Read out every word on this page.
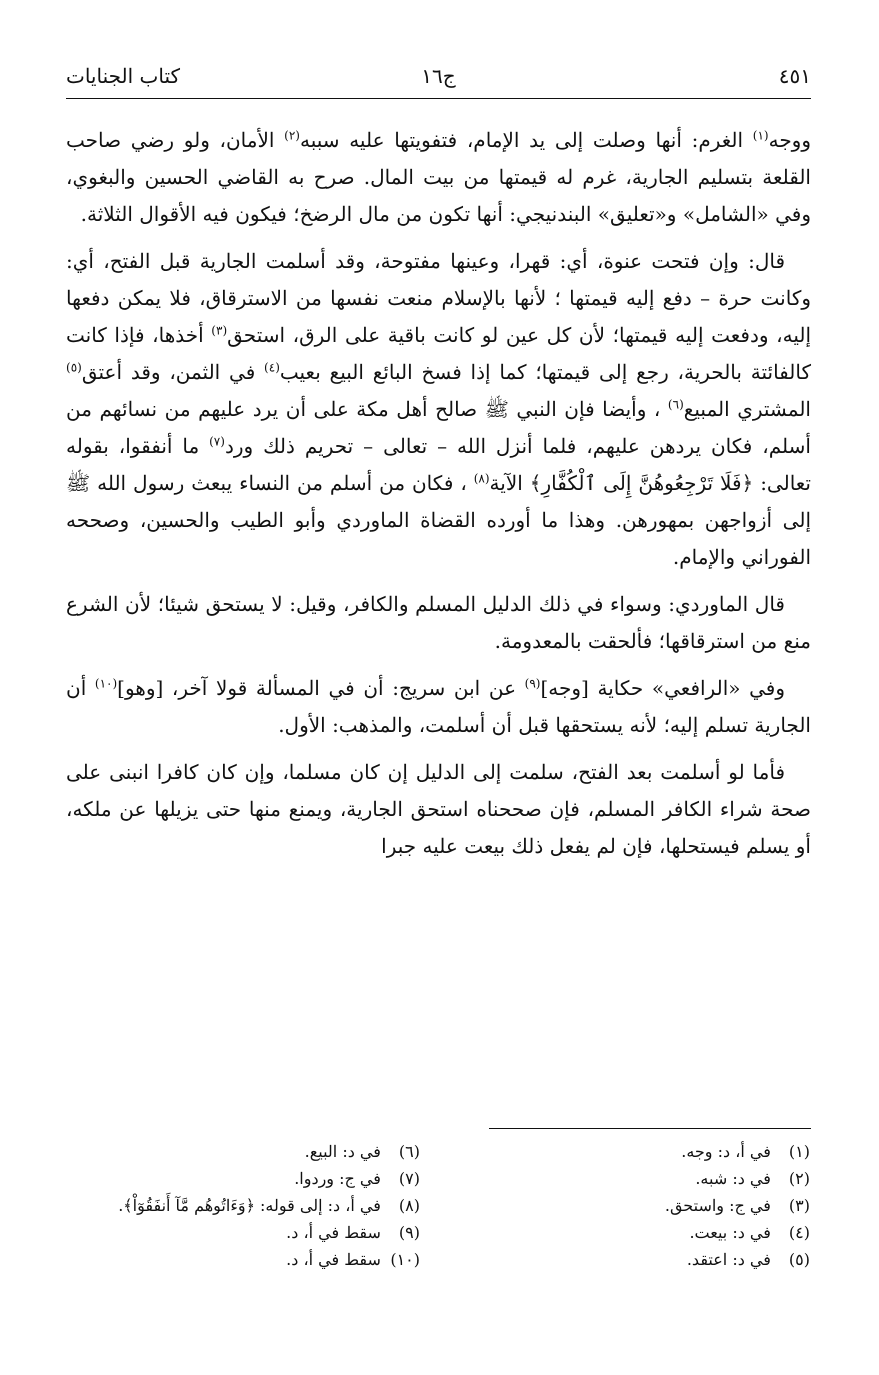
٤٥١
ج١٦
كتاب الجنايات

ووجه$^{(١)}$ الغرم: أنها وصلت إلى يد الإمام، فتفويتها عليه سببه$^{(٢)}$ الأمان، ولو رضي صاحب القلعة بتسليم الجارية، غرم له قيمتها من بيت المال. صرح به القاضي الحسين والبغوي، وفي «الشامل» و«تعليق» البندنيجي: أنها تكون من مال الرضخ؛ فيكون فيه الأقوال الثلاثة.

قال: وإن فتحت عنوة، أي: قهرا، وعينها مفتوحة، وقد أسلمت الجارية قبل الفتح، أي: وكانت حرة – دفع إليه قيمتها ؛ لأنها بالإسلام منعت نفسها من الاسترقاق، فلا يمكن دفعها إليه، ودفعت إليه قيمتها؛ لأن كل عين لو كانت باقية على الرق، استحق$^{(٣)}$ أخذها، فإذا كانت كالفائتة بالحرية، رجع إلى قيمتها؛ كما إذا فسخ البائع البيع بعيب$^{(٤)}$ في الثمن، وقد أعتق$^{(٥)}$ المشتري المبيع$^{(٦)}$ ، وأيضا فإن النبي ﷺ صالح أهل مكة على أن يرد عليهم من نسائهم من أسلم، فكان يردهن عليهم، فلما أنزل الله – تعالى – تحريم ذلك ورد$^{(٧)}$ ما أنفقوا، بقوله تعالى: ﴿فَلَا تَرْجِعُوهُنَّ إِلَى ٱلْكُفَّارِ﴾ الآية$^{(٨)}$ ، فكان من أسلم من النساء يبعث رسول الله ﷺ إلى أزواجهن بمهورهن. وهذا ما أورده القضاة الماوردي وأبو الطيب والحسين، وصححه الفوراني والإمام.

قال الماوردي: وسواء في ذلك الدليل المسلم والكافر، وقيل: لا يستحق شيئا؛ لأن الشرع منع من استرقاقها؛ فألحقت بالمعدومة.

وفي «الرافعي» حكاية [وجه]$^{(٩)}$ عن ابن سريج: أن في المسألة قولا آخر، [وهو]$^{(١٠)}$ أن الجارية تسلم إليه؛ لأنه يستحقها قبل أن أسلمت، والمذهب: الأول.

فأما لو أسلمت بعد الفتح، سلمت إلى الدليل إن كان مسلما، وإن كان كافرا انبنى على صحة شراء الكافر المسلم، فإن صححناه استحق الجارية، ويمنع منها حتى يزيلها عن ملكه، أو يسلم فيستحلها، فإن لم يفعل ذلك بيعت عليه جبرا

(١) في أ، د: وجه.
(٢) في د: شبه.
(٣) في ج: واستحق.
(٤) في د: بيعت.
(٥) في د: اعتقد.
(٦) في د: البيع.
(٧) في ج: وردوا.
(٨) في أ، د: إلى قوله: ﴿وَءَاتُوهُم مَّآ أَنفَقُوٓاْ﴾.
(٩) سقط في أ، د.
(١٠) سقط في أ، د.
